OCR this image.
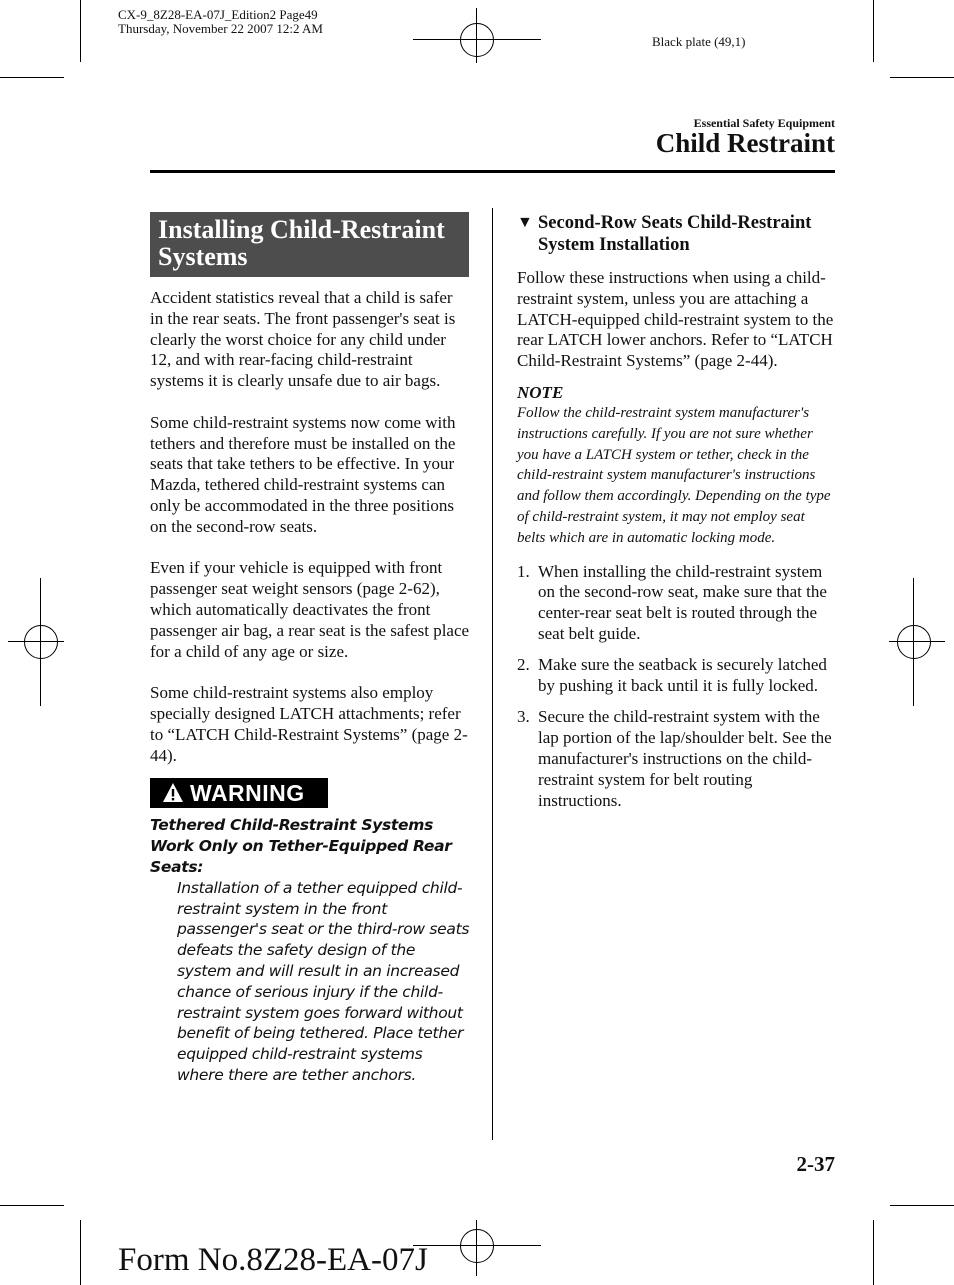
CX-9_8Z28-EA-07J_Edition2 Page49
Thursday, November 22 2007 12:2 AM
Black plate (49,1)
Essential Safety Equipment
Child Restraint
Installing Child-Restraint Systems

Accident statistics reveal that a child is safer in the rear seats. The front passenger's seat is clearly the worst choice for any child under 12, and with rear-facing child-restraint systems it is clearly unsafe due to air bags.

Some child-restraint systems now come with tethers and therefore must be installed on the seats that take tethers to be effective. In your Mazda, tethered child-restraint systems can only be accommodated in the three positions on the second-row seats.

Even if your vehicle is equipped with front passenger seat weight sensors (page 2-62), which automatically deactivates the front passenger air bag, a rear seat is the safest place for a child of any age or size.

Some child-restraint systems also employ specially designed LATCH attachments; refer to “LATCH Child-Restraint Systems” (page 2-44).

WARNING
Tethered Child-Restraint Systems Work Only on Tether-Equipped Rear Seats:
Installation of a tether equipped child-restraint system in the front passenger's seat or the third-row seats defeats the safety design of the system and will result in an increased chance of serious injury if the child-restraint system goes forward without benefit of being tethered. Place tether equipped child-restraint systems where there are tether anchors.
▼ Second-Row Seats Child-Restraint System Installation
Follow these instructions when using a child-restraint system, unless you are attaching a LATCH-equipped child-restraint system to the rear LATCH lower anchors. Refer to “LATCH Child-Restraint Systems” (page 2-44).
NOTE
Follow the child-restraint system manufacturer's instructions carefully. If you are not sure whether you have a LATCH system or tether, check in the child-restraint system manufacturer's instructions and follow them accordingly. Depending on the type of child-restraint system, it may not employ seat belts which are in automatic locking mode.
1. When installing the child-restraint system on the second-row seat, make sure that the center-rear seat belt is routed through the seat belt guide.
2. Make sure the seatback is securely latched by pushing it back until it is fully locked.
3. Secure the child-restraint system with the lap portion of the lap/shoulder belt. See the manufacturer's instructions on the child-restraint system for belt routing instructions.
2-37
Form No.8Z28-EA-07J
